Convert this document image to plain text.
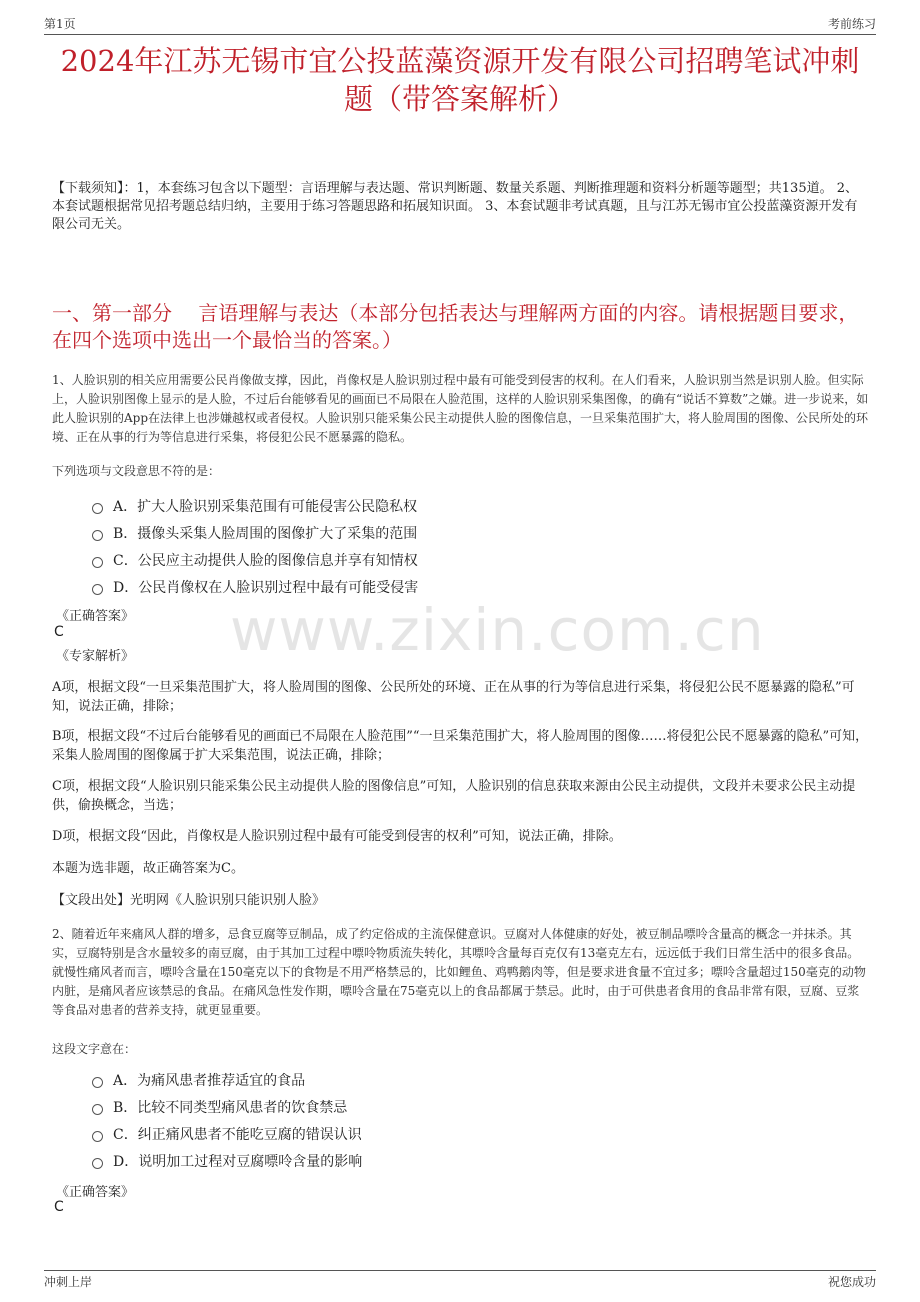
第1页	考前练习
2024年江苏无锡市宜公投蓝藻资源开发有限公司招聘笔试冲刺题（带答案解析）
【下载须知】：1，本套练习包含以下题型：言语理解与表达题、常识判断题、数量关系题、判断推理题和资料分析题等题型；共135道。 2、本套试题根据常见招考题总结归纳，主要用于练习答题思路和拓展知识面。 3、本套试题非考试真题，且与江苏无锡市宜公投蓝藻资源开发有限公司无关。
一、第一部分　 言语理解与表达（本部分包括表达与理解两方面的内容。请根据题目要求，在四个选项中选出一个最恰当的答案。）
1、人脸识别的相关应用需要公民肖像做支撑，因此，肖像权是人脸识别过程中最有可能受到侵害的权利。在人们看来，人脸识别当然是识别人脸。但实际上，人脸识别图像上显示的是人脸，不过后台能够看见的画面已不局限在人脸范围，这样的人脸识别采集图像，的确有“说话不算数”之嫌。进一步说来，如此人脸识别的App在法律上也涉嫌越权或者侵权。人脸识别只能采集公民主动提供人脸的图像信息，一旦采集范围扩大，将人脸周围的图像、公民所处的环境、正在从事的行为等信息进行采集，将侵犯公民不愿暴露的隐私。
下列选项与文段意思不符的是：
A．扩大人脸识别采集范围有可能侵害公民隐私权
B．摄像头采集人脸周围的图像扩大了采集的范围
C．公民应主动提供人脸的图像信息并享有知情权
D．公民肖像权在人脸识别过程中最有可能受侵害
《正确答案》
C
《专家解析》
A项，根据文段“一旦采集范围扩大，将人脸周围的图像、公民所处的环境、正在从事的行为等信息进行采集，将侵犯公民不愿暴露的隐私”可知，说法正确，排除；
B项，根据文段“不过后台能够看见的画面已不局限在人脸范围”“一旦采集范围扩大，将人脸周围的图像……将侵犯公民不愿暴露的隐私”可知，采集人脸周围的图像属于扩大采集范围，说法正确，排除；
C项，根据文段“人脸识别只能采集公民主动提供人脸的图像信息”可知，人脸识别的信息获取来源由公民主动提供，文段并未要求公民主动提供，偷换概念，当选；
D项，根据文段“因此，肖像权是人脸识别过程中最有可能受到侵害的权利”可知，说法正确，排除。
本题为选非题，故正确答案为C。
【文段出处】光明网《人脸识别只能识别人脸》
2、随着近年来痛风人群的增多，忌食豆腐等豆制品，成了约定俗成的主流保健意识。豆腐对人体健康的好处，被豆制品嘌呤含量高的概念一并抹杀。其实，豆腐特别是含水量较多的南豆腐，由于其加工过程中嘌呤物质流失转化，其嘌呤含量每百克仅有13毫克左右，远远低于我们日常生活中的很多食品。就慢性痛风者而言，嘌呤含量在150毫克以下的食物是不用严格禁忌的，比如鲤鱼、鸡鸭鹅肉等，但是要求进食量不宜过多；嘌呤含量超过150毫克的动物内脏，是痛风者应该禁忌的食品。在痛风急性发作期，嘌呤含量在75毫克以上的食品都属于禁忌。此时，由于可供患者食用的食品非常有限，豆腐、豆浆等食品对患者的营养支持，就更显重要。
这段文字意在：
A．为痛风患者推荐适宜的食品
B．比较不同类型痛风患者的饮食禁忌
C．纠正痛风患者不能吃豆腐的错误认识
D．说明加工过程对豆腐嘌呤含量的影响
《正确答案》
C
www.zixin.com.cn
冲刺上岸	祝您成功
